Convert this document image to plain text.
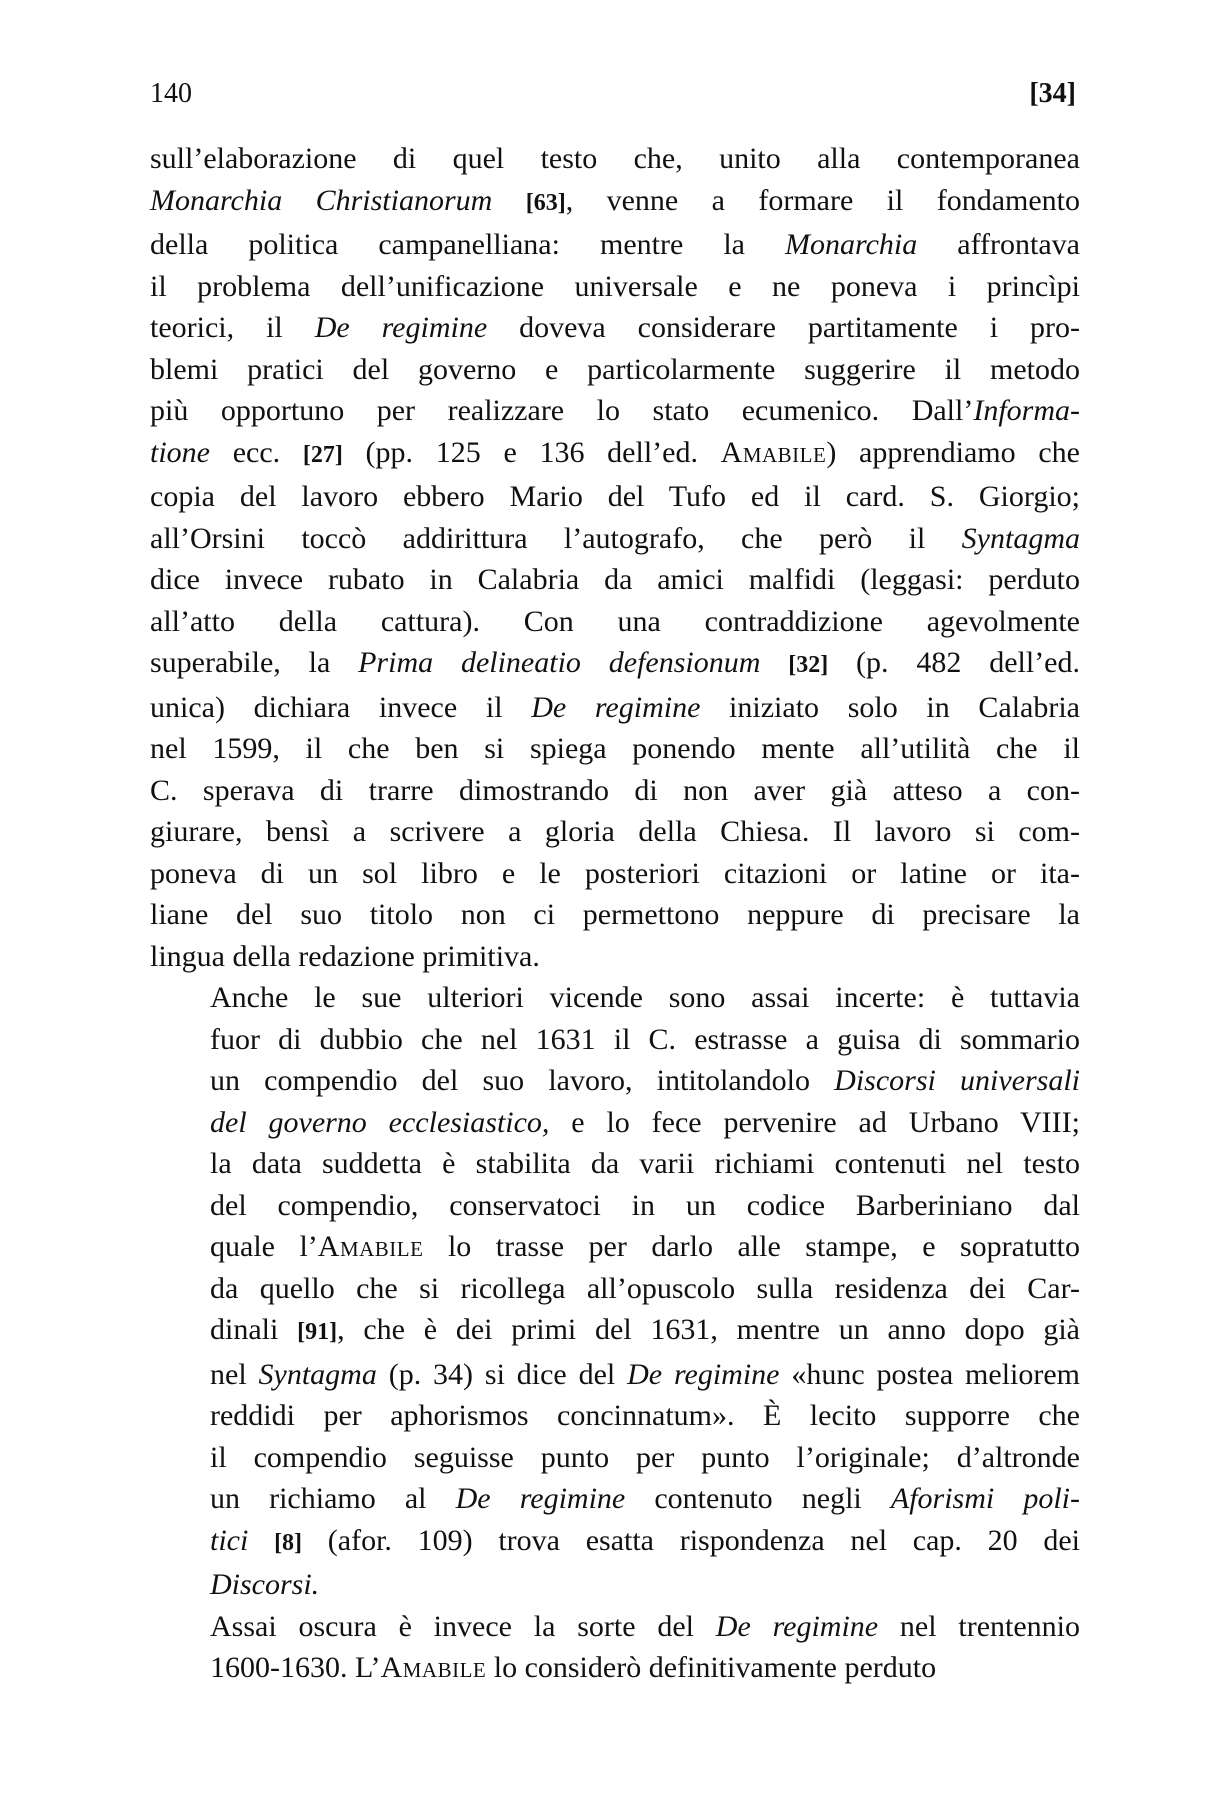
140	[34]

sull’elaborazione di quel testo che, unito alla contemporanea
Monarchia Christianorum [63], venne a formare il fondamento
della politica campanelliana: mentre la Monarchia affrontava
il problema dell’unificazione universale e ne poneva i princìpi
teorici, il De regimine doveva considerare partitamente i pro-
blemi pratici del governo e particolarmente suggerire il metodo
più opportuno per realizzare lo stato ecumenico. Dall’Informa-
tione ecc. [27] (pp. 125 e 136 dell’ed. Amabile) apprendiamo che
copia del lavoro ebbero Mario del Tufo ed il card. S. Giorgio;
all’Orsini toccò addirittura l’autografo, che però il Syntagma
dice invece rubato in Calabria da amici malfidi (leggasi: perduto
all’atto della cattura). Con una contraddizione agevolmente
superabile, la Prima delineatio defensionum [32] (p. 482 dell’ed.
unica) dichiara invece il De regimine iniziato solo in Calabria
nel 1599, il che ben si spiega ponendo mente all’utilità che il
C. sperava di trarre dimostrando di non aver già atteso a con-
giurare, bensì a scrivere a gloria della Chiesa. Il lavoro si com-
poneva di un sol libro e le posteriori citazioni or latine or ita-
liane del suo titolo non ci permettono neppure di precisare la
lingua della redazione primitiva.

Anche le sue ulteriori vicende sono assai incerte: è tuttavia
fuor di dubbio che nel 1631 il C. estrasse a guisa di sommario
un compendio del suo lavoro, intitolandolo Discorsi universali
del governo ecclesiastico, e lo fece pervenire ad Urbano VIII;
la data suddetta è stabilita da varii richiami contenuti nel testo
del compendio, conservatoci in un codice Barberiniano dal
quale l’Amabile lo trasse per darlo alle stampe, e sopratutto
da quello che si ricollega all’opuscolo sulla residenza dei Car-
dinali [91], che è dei primi del 1631, mentre un anno dopo già
nel Syntagma (p. 34) si dice del De regimine «hunc postea meliorem
reddidi per aphorismos concinnatum». È lecito supporre che
il compendio seguisse punto per punto l’originale; d’altronde
un richiamo al De regimine contenuto negli Aforismi poli-
tici [8] (afor. 109) trova esatta rispondenza nel cap. 20 dei
Discorsi.

Assai oscura è invece la sorte del De regimine nel trentennio
1600-1630. L’Amabile lo considerò definitivamente perduto
